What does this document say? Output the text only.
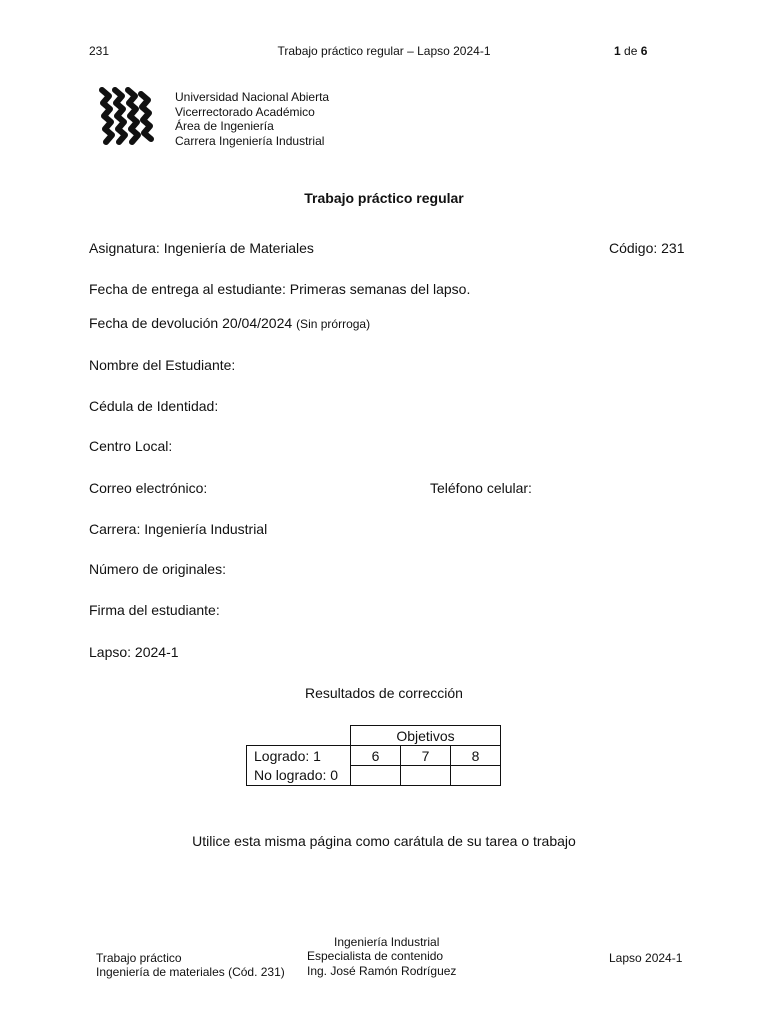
231	Trabajo práctico regular – Lapso 2024-1	1 de 6
Universidad Nacional Abierta
Vicerrectorado Académico
Área de Ingeniería
Carrera Ingeniería Industrial
Trabajo práctico regular
Asignatura: Ingeniería de Materiales	Código: 231
Fecha de entrega al estudiante: Primeras semanas del lapso.
Fecha de devolución 20/04/2024 (Sin prórroga)
Nombre del Estudiante:
Cédula de Identidad:
Centro Local:
Correo electrónico:	Teléfono celular:
Carrera: Ingeniería Industrial
Número de originales:
Firma del estudiante:
Lapso: 2024-1
Resultados de corrección
	Objetivos		
Logrado: 1	6	7	8
No logrado: 0			
Utilice esta misma página como carátula de su tarea o trabajo
Trabajo práctico
Ingeniería de materiales (Cód. 231)
Ingeniería Industrial
Especialista de contenido
Ing. José Ramón Rodríguez
Lapso 2024-1
